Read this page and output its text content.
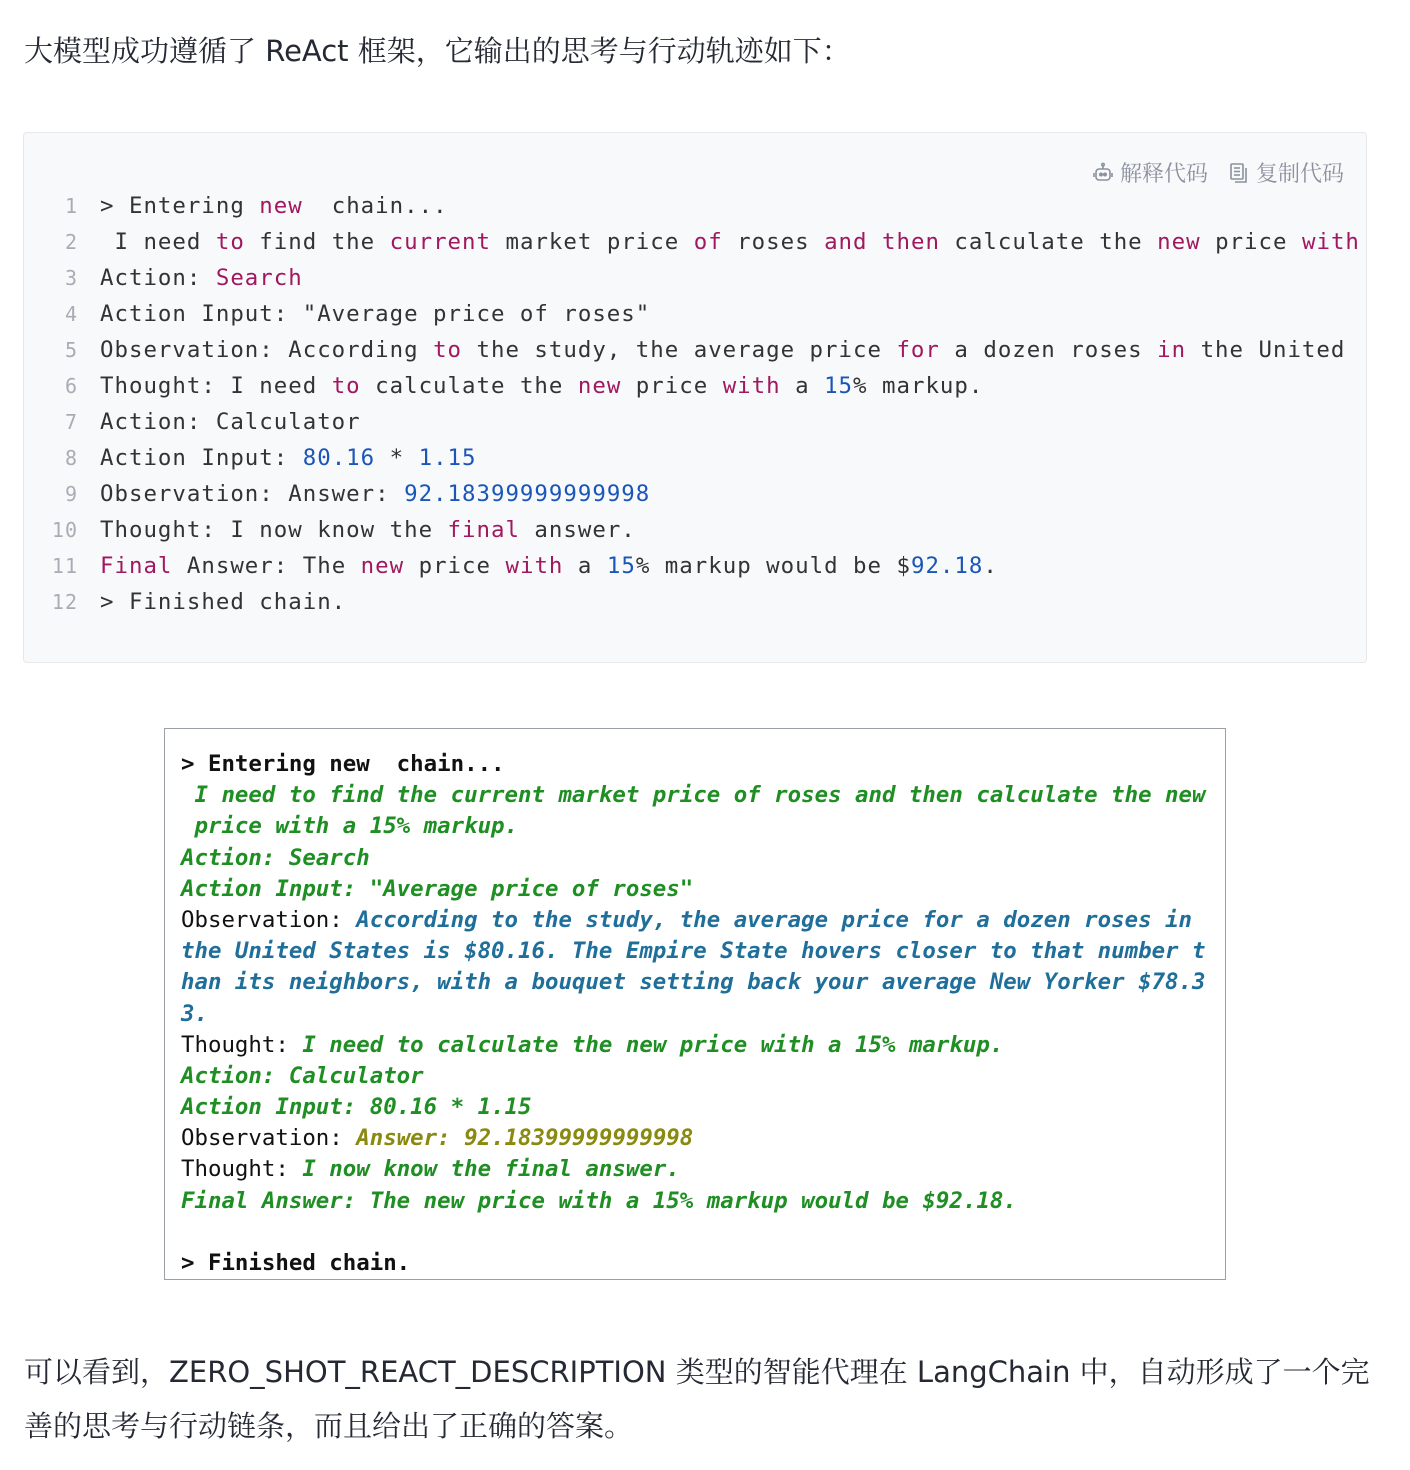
大模型成功遵循了 ReAct 框架，它输出的思考与行动轨迹如下：
解释代码 复制代码
1 > Entering new  chain...
2 I need to find the current market price of roses and then calculate the new price with
3 Action: Search
4 Action Input: "Average price of roses"
5 Observation: According to the study, the average price for a dozen roses in the United
6 Thought: I need to calculate the new price with a 15% markup.
7 Action: Calculator
8 Action Input: 80.16 * 1.15
9 Observation: Answer: 92.18399999999998
10 Thought: I now know the final answer.
11 Final Answer: The new price with a 15% markup would be $92.18.
12 > Finished chain.
> Entering new  chain...
I need to find the current market price of roses and then calculate the new
price with a 15% markup.
Action: Search
Action Input: "Average price of roses"
Observation: According to the study, the average price for a dozen roses in
the United States is $80.16. The Empire State hovers closer to that number t
han its neighbors, with a bouquet setting back your average New Yorker $78.3
3.
Thought: I need to calculate the new price with a 15% markup.
Action: Calculator
Action Input: 80.16 * 1.15
Observation: Answer: 92.18399999999998
Thought: I now know the final answer.
Final Answer: The new price with a 15% markup would be $92.18.
> Finished chain.
可以看到，ZERO_SHOT_REACT_DESCRIPTION 类型的智能代理在 LangChain 中，自动形成了一个完善的思考与行动链条，而且给出了正确的答案。
